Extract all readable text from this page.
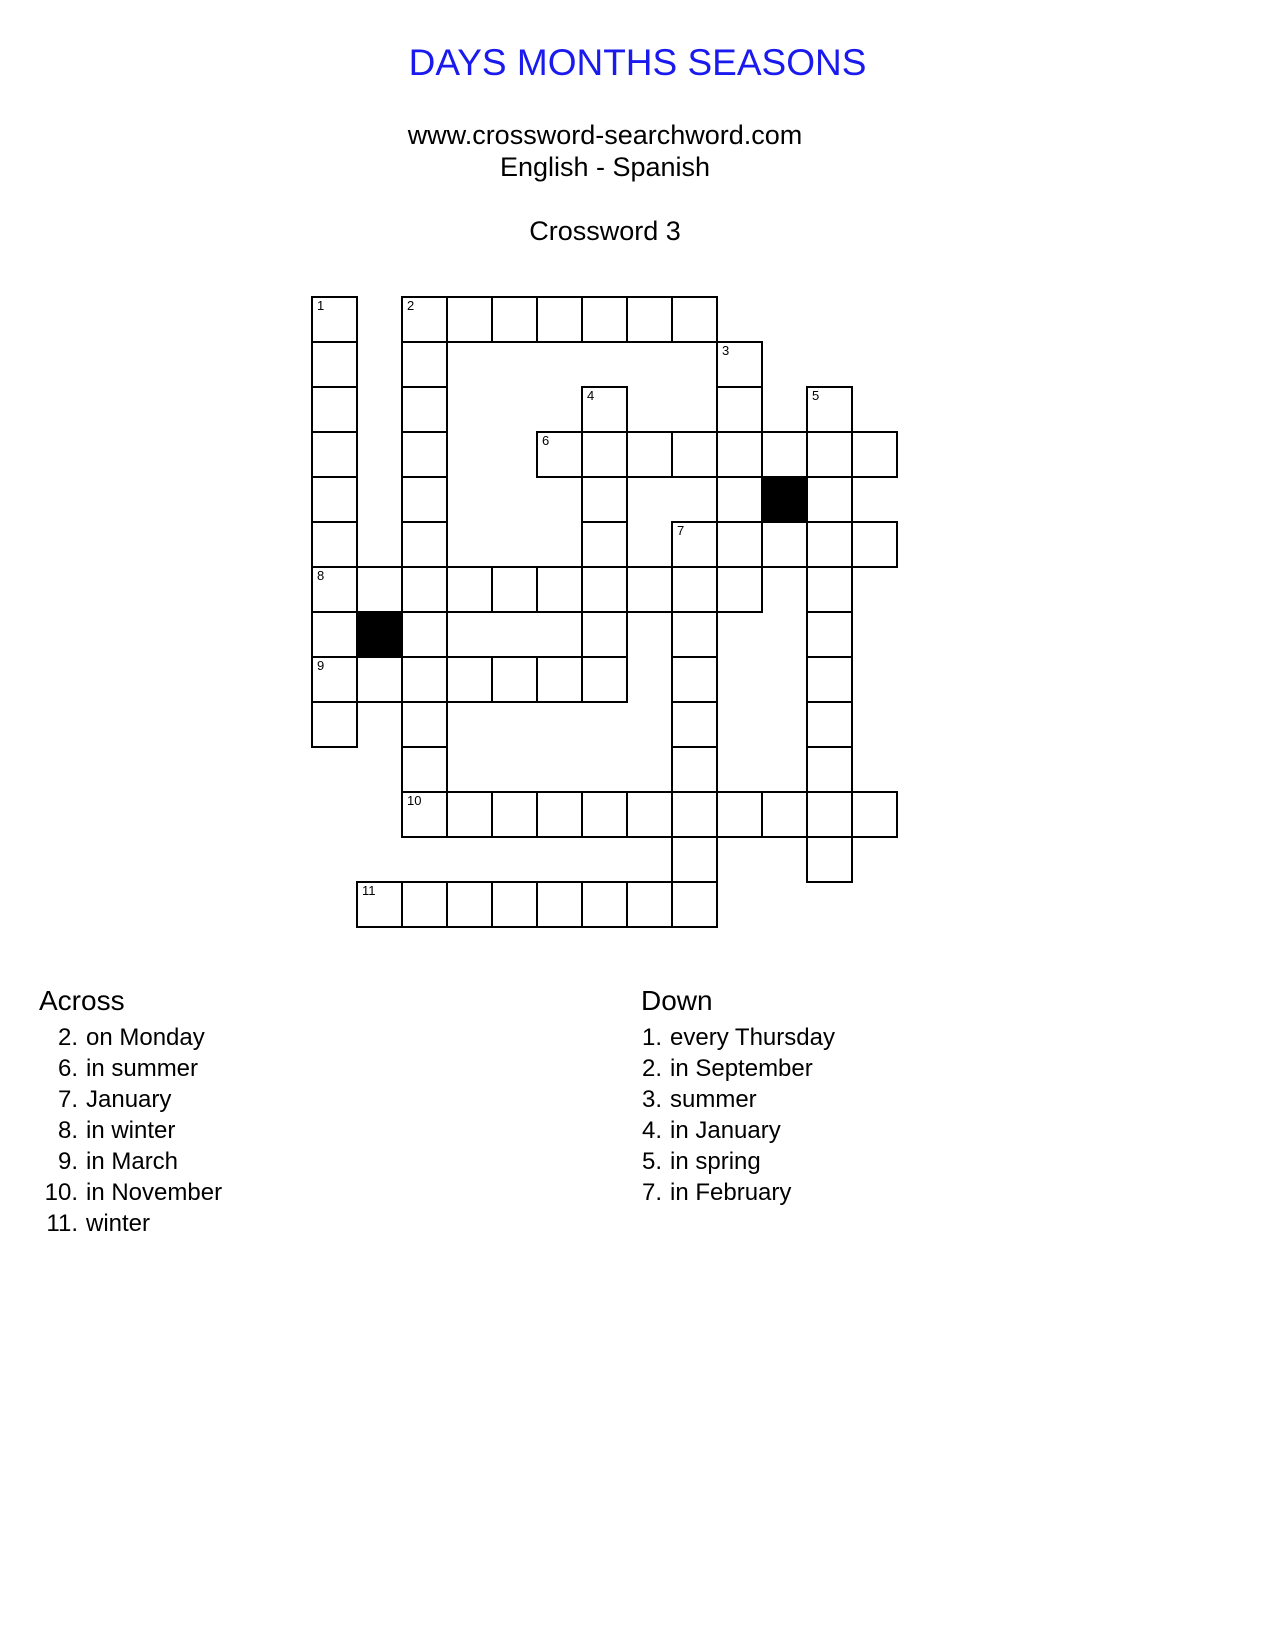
DAYS MONTHS SEASONS
www.crossword-searchword.com
English - Spanish
Crossword 3
1
8
9
11
2
10
6
4
7
3
5
Across
2. on Monday
6. in summer
7. January
8. in winter
9. in March
10. in November
11. winter
Down
1. every Thursday
2. in September
3. summer
4. in January
5. in spring
7. in February
